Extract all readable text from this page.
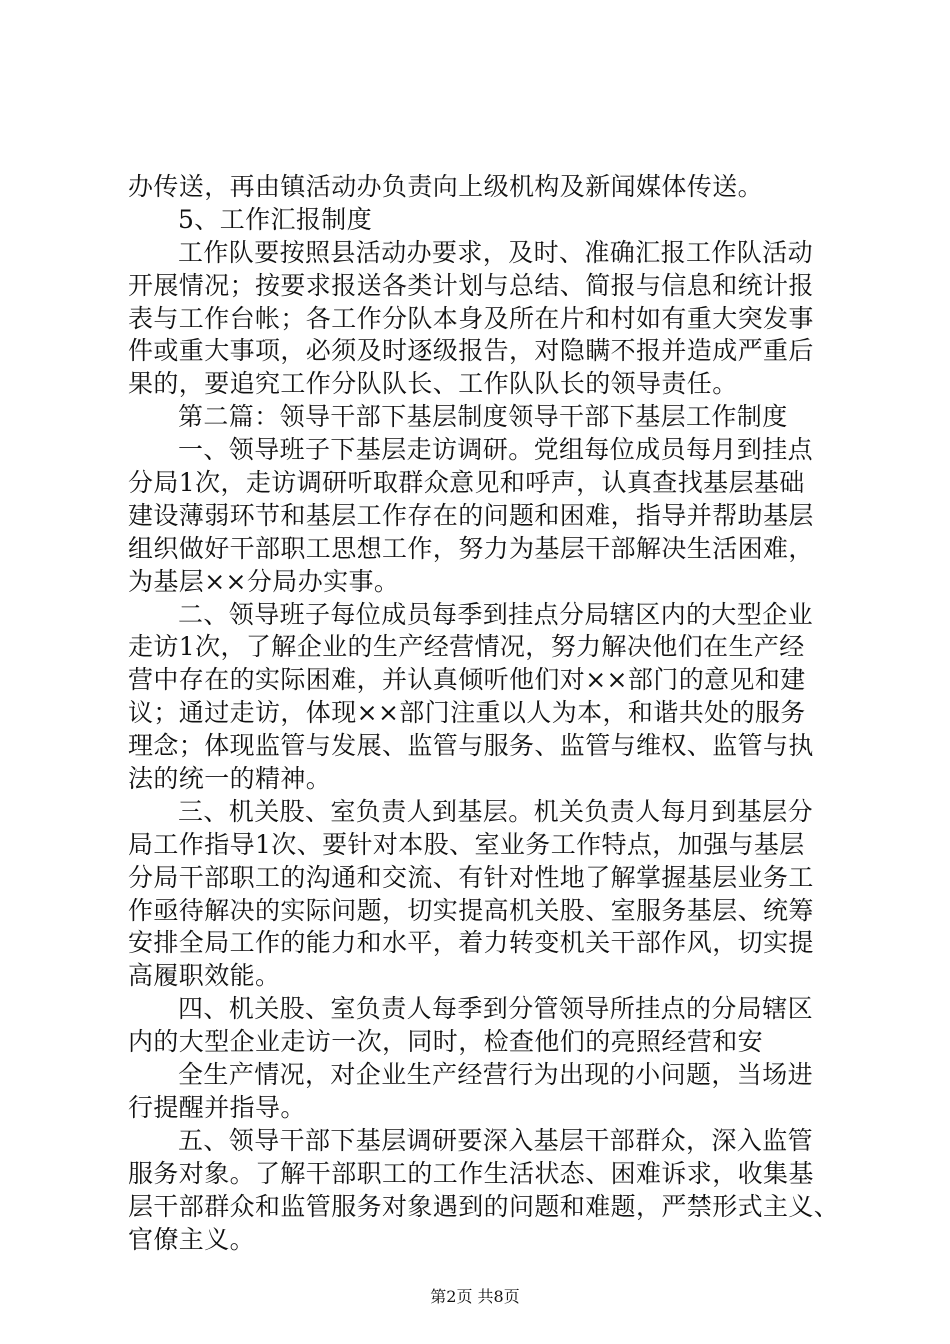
办传送，再由镇活动办负责向上级机构及新闻媒体传送。
5、工作汇报制度
工作队要按照县活动办要求，及时、准确汇报工作队活动
开展情况；按要求报送各类计划与总结、简报与信息和统计报
表与工作台帐；各工作分队本身及所在片和村如有重大突发事
件或重大事项，必须及时逐级报告，对隐瞒不报并造成严重后
果的，要追究工作分队队长、工作队队长的领导责任。
第二篇：领导干部下基层制度领导干部下基层工作制度
一、领导班子下基层走访调研。党组每位成员每月到挂点
分局1次，走访调研听取群众意见和呼声，认真查找基层基础
建设薄弱环节和基层工作存在的问题和困难，指导并帮助基层
组织做好干部职工思想工作，努力为基层干部解决生活困难，
为基层××分局办实事。
二、领导班子每位成员每季到挂点分局辖区内的大型企业
走访1次，了解企业的生产经营情况，努力解决他们在生产经
营中存在的实际困难，并认真倾听他们对××部门的意见和建
议；通过走访，体现××部门注重以人为本，和谐共处的服务
理念；体现监管与发展、监管与服务、监管与维权、监管与执
法的统一的精神。
三、机关股、室负责人到基层。机关负责人每月到基层分
局工作指导1次、要针对本股、室业务工作特点，加强与基层
分局干部职工的沟通和交流、有针对性地了解掌握基层业务工
作亟待解决的实际问题，切实提高机关股、室服务基层、统筹
安排全局工作的能力和水平，着力转变机关干部作风，切实提
高履职效能。
四、机关股、室负责人每季到分管领导所挂点的分局辖区
内的大型企业走访一次，同时，检查他们的亮照经营和安
全生产情况，对企业生产经营行为出现的小问题，当场进
行提醒并指导。
五、领导干部下基层调研要深入基层干部群众，深入监管
服务对象。了解干部职工的工作生活状态、困难诉求，收集基
层干部群众和监管服务对象遇到的问题和难题，严禁形式主义、
官僚主义。
第2页 共8页
